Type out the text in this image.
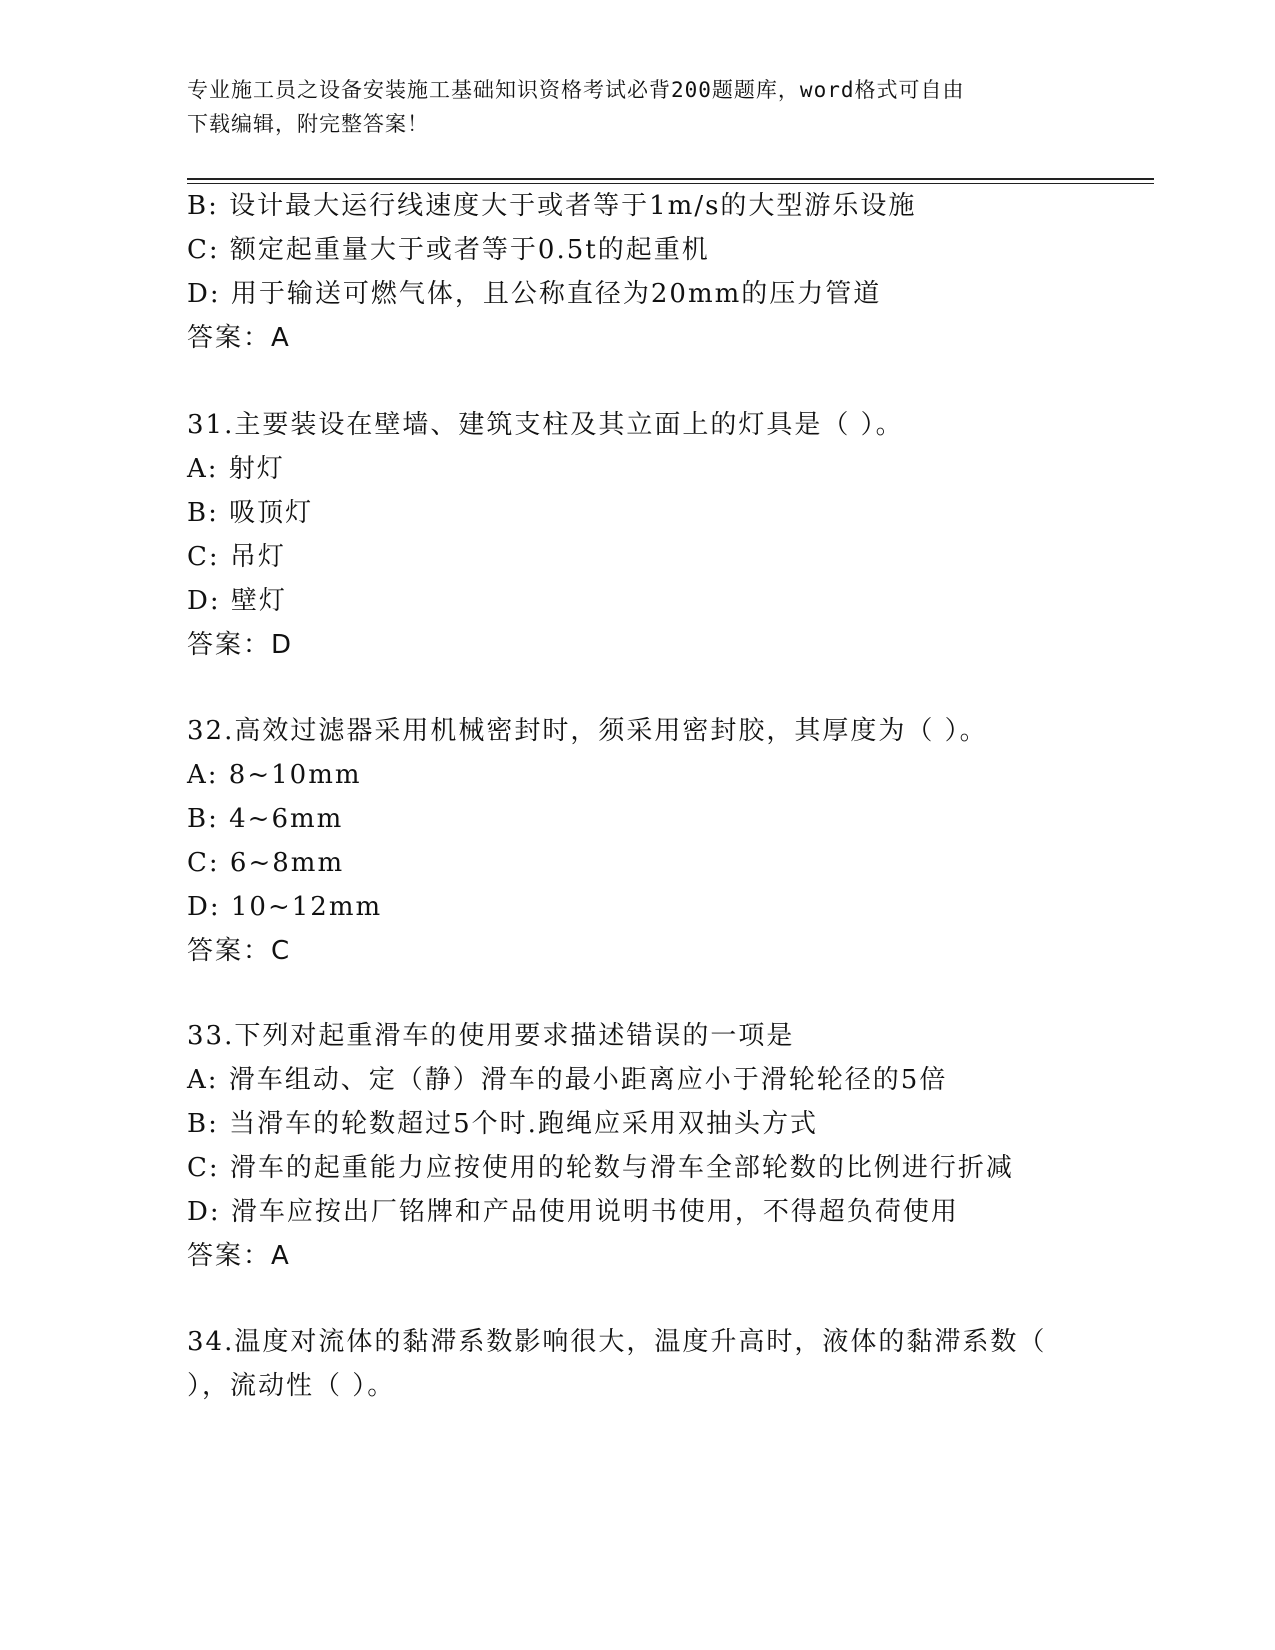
专业施工员之设备安装施工基础知识资格考试必背200题题库，word格式可自由
下载编辑，附完整答案！
B: 设计最大运行线速度大于或者等于1m/s的大型游乐设施
C: 额定起重量大于或者等于0.5t的起重机
D: 用于输送可燃气体，且公称直径为20mm的压力管道
答案：A
31.主要装设在壁墙、建筑支柱及其立面上的灯具是（ ）。
A: 射灯
B: 吸顶灯
C: 吊灯
D: 壁灯
答案：D
32.高效过滤器采用机械密封时，须采用密封胶，其厚度为（ ）。
A: 8~10mm
B: 4~6mm
C: 6~8mm
D: 10~12mm
答案：C
33.下列对起重滑车的使用要求描述错误的一项是
A: 滑车组动、定（静）滑车的最小距离应小于滑轮轮径的5倍
B: 当滑车的轮数超过5个时.跑绳应采用双抽头方式
C: 滑车的起重能力应按使用的轮数与滑车全部轮数的比例进行折减
D: 滑车应按出厂铭牌和产品使用说明书使用，不得超负荷使用
答案：A
34.温度对流体的黏滞系数影响很大，温度升高时，液体的黏滞系数（
），流动性（ ）。
